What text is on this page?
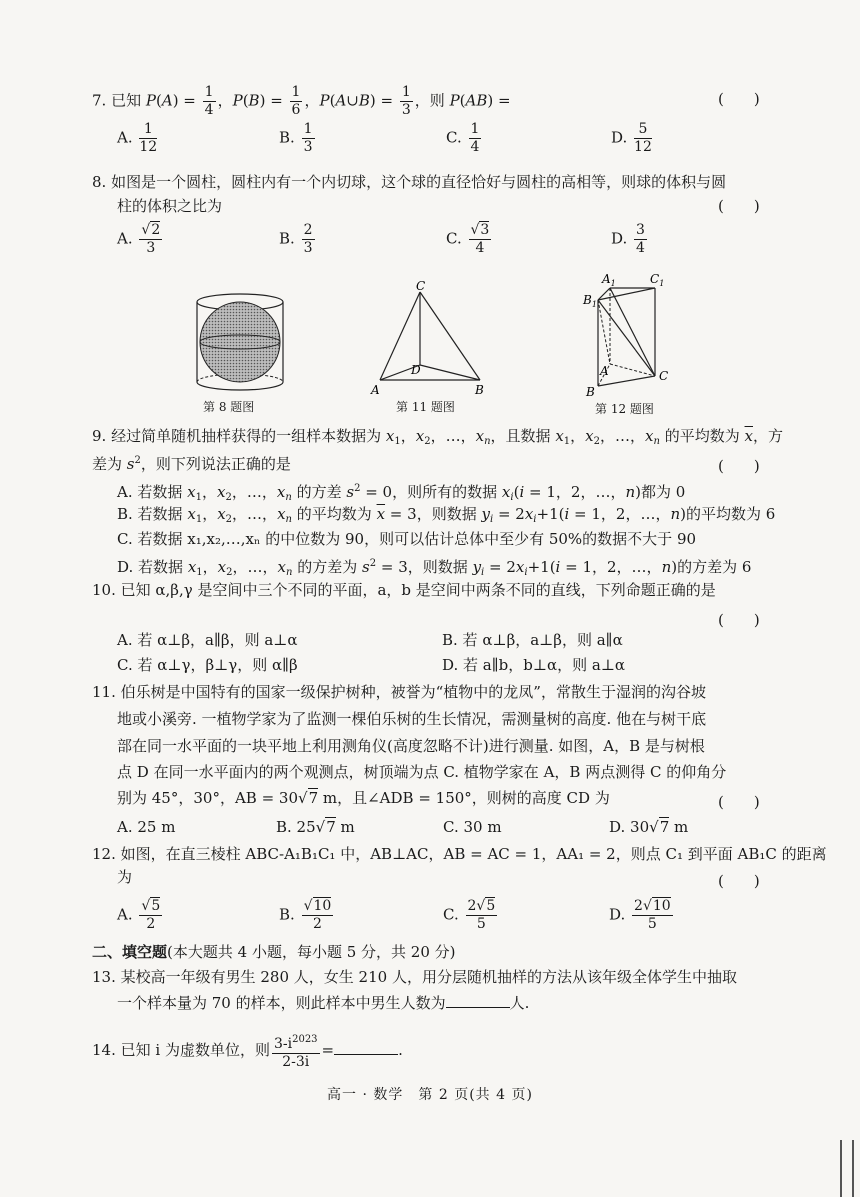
7. 已知 $P(A) = \frac{1}{4}$ ，$P(B) = \frac{1}{6}$ ，P(A∪B) = $\frac{1}{3}$ ，则 P(AB) =	(　　)
A. $\frac{1}{12}$	B. $\frac{1}{3}$	C. $\frac{1}{4}$	D. $\frac{5}{12}$
8. 如图是一个圆柱，圆柱内有一个内切球，这个球的直径恰好与圆柱的高相等，则球的体积与圆
柱的体积之比为	(　　)
A. $\frac{√2}{3}$	B. $\frac{2}{3}$	C. $\frac{√3}{4}$	D. $\frac{3}{4}$
第 8 题图
C
A	B
D
第 11 题图
$A_1$	$C_1$
$B_1$
A
B
C
第 12 题图
9. 经过简单随机抽样获得的一组样本数据为 $x_1$，$x_2$，…，$x_n$，且数据 $x_1$，$x_2$，…，$x_n$ 的平均数为 $\overline{x}$，方
差为 $s^2$，则下列说法正确的是	(　　)
A. 若数据 $x_1$，$x_2$，…，$x_n$ 的方差 $s^2 = 0$，则所有的数据 $x_i(i = 1$，2，…，n)都为 0
B. 若数据 $x_1$，$x_2$，…，$x_n$ 的平均数为 $\overline{x} = 3$，则数据 $y_i = 2x_i+1(i = 1$，2，…，n)的平均数为 6
C. 若数据 x₁,x₂,…,xₙ 的中位数为 90，则可以估计总体中至少有 50%的数据不大于 90
D. 若数据 $x_1$，$x_2$，…，$x_n$ 的方差为 $s^2 = 3$，则数据 $y_i = 2x_i+1(i = 1$，2，…，n)的方差为 6
10. 已知 α,β,γ 是空间中三个不同的平面，a，b 是空间中两条不同的直线，下列命题正确的是
(　　)
A. 若 α⊥β，a∥β，则 a⊥α	B. 若 α⊥β，a⊥β，则 a∥α
C. 若 α⊥γ，β⊥γ，则 α∥β	D. 若 a∥b，b⊥α，则 a⊥α
11. 伯乐树是中国特有的国家一级保护树种，被誉为“植物中的龙凤”，常散生于湿润的沟谷坡
地或小溪旁. 一植物学家为了监测一棵伯乐树的生长情况，需测量树的高度. 他在与树干底
部在同一水平面的一块平地上利用测角仪(高度忽略不计)进行测量. 如图，A，B 是与树根
点 D 在同一水平面内的两个观测点，树顶端为点 C. 植物学家在 A，B 两点测得 C 的仰角分
别为 45°，30°，AB = 30√7 m，且∠ADB = 150°，则树的高度 CD 为	(　　)
A. 25 m	B. 25√7 m	C. 30 m	D. 30√7 m
12. 如图，在直三棱柱 ABC-A₁B₁C₁ 中，AB⊥AC，AB = AC = 1，AA₁ = 2，则点 C₁ 到平面 AB₁C 的距离
为	(　　)
A. $\frac{√5}{2}$	B. $\frac{√10}{2}$	C. $\frac{2√5}{5}$	D. $\frac{2√10}{5}$
二、填空题(本大题共 4 小题，每小题 5 分，共 20 分)
13. 某校高一年级有男生 280 人，女生 210 人，用分层随机抽样的方法从该年级全体学生中抽取
一个样本量为 70 的样本，则此样本中男生人数为	人.
14. 已知 i 为虚数单位，则 $\frac{3-i^{2023}}{2-3i}$ =	.
高一 · 数学　第 2 页(共 4 页)
